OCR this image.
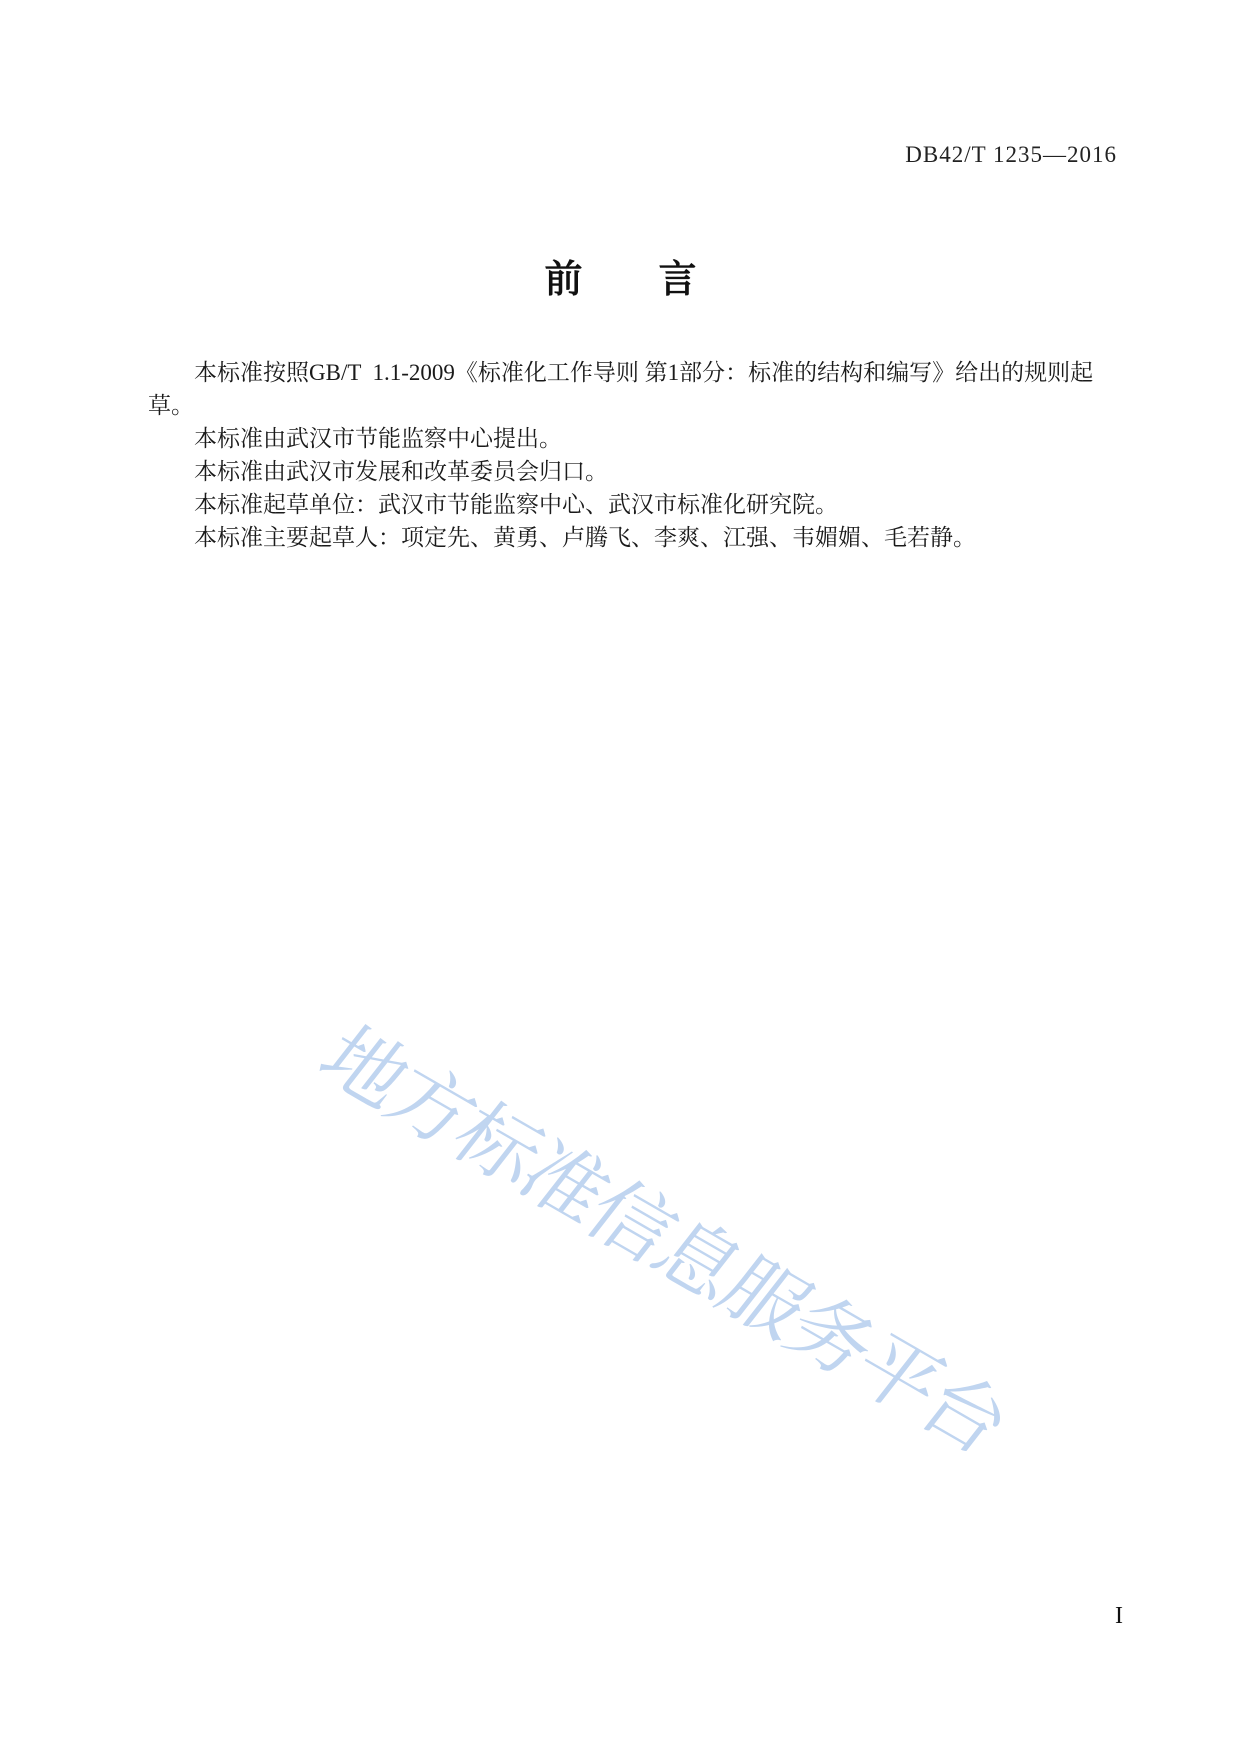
DB42/T 1235—2016
前　　言
地方标准信息服务平台

本标准按照GB/T  1.1-2009《标准化工作导则 第1部分：标准的结构和编写》给出的规则起草。

本标准由武汉市节能监察中心提出。

本标准由武汉市发展和改革委员会归口。

本标准起草单位：武汉市节能监察中心、武汉市标准化研究院。

本标准主要起草人：项定先、黄勇、卢腾飞、李爽、江强、韦媚媚、毛若静。

I
